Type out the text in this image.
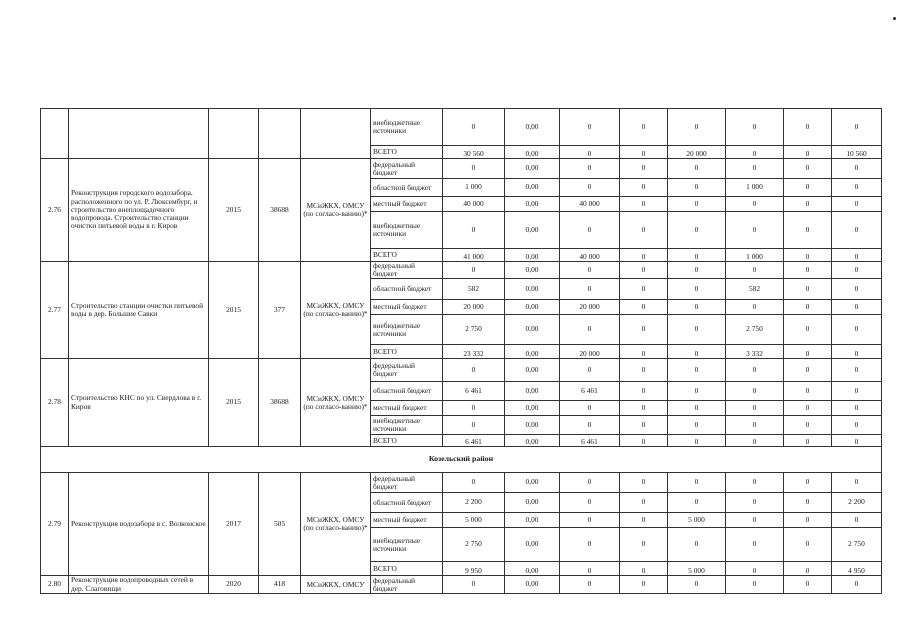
					внебюджетные источники	0	0,00	0	0	0	0	0	0
					ВСЕГО	30 560	0,00	0	0	20 000	0	0	10 560
2.76	Реконструкция городского водозабора, расположенного по ул. Р. Люксембург, и строительство внеплощадочного водопровода. Строительство станции очистки питьевой воды в г. Киров	2015	38688	МСиЖКХ, ОМСУ (по согласо-ванию)*	федеральный бюджет	0	0,00	0	0	0	0	0	0
					областной бюджет	1 000	0,00	0	0	0	1 000	0	0
					местный бюджет	40 000	0,00	40 000	0	0	0	0	0
					внебюджетные источники	0	0,00	0	0	0	0	0	0
					ВСЕГО	41 000	0,00	40 000	0	0	1 000	0	0
2.77	Строительство станции очистки питьевой воды в дер. Большие Савки	2015	377	МСиЖКХ, ОМСУ (по согласо-ванию)*	федеральный бюджет	0	0,00	0	0	0	0	0	0
					областной бюджет	582	0,00	0	0	0	582	0	0
					местный бюджет	20 000	0,00	20 000	0	0	0	0	0
					внебюджетные источники	2 750	0,00	0	0	0	2 750	0	0
					ВСЕГО	23 332	0,00	20 000	0	0	3 332	0	0
2.78	Строительство КНС по ул. Свердлова в г. Киров	2015	38688	МСиЖКХ, ОМСУ (по согласо-ванию)*	федеральный бюджет	0	0,00	0	0	0	0	0	0
					областной бюджет	6 461	0,00	6 461	0	0	0	0	0
					местный бюджет	0	0,00	0	0	0	0	0	0
					внебюджетные источники	0	0,00	0	0	0	0	0	0
					ВСЕГО	6 461	0,00	6 461	0	0	0	0	0
Козельский район													
2.79	Реконструкция водозабора в с. Волконское	2017	505	МСиЖКХ, ОМСУ (по согласо-ванию)*	федеральный бюджет	0	0,00	0	0	0	0	0	0
					областной бюджет	2 200	0,00	0	0	0	0	0	2 200
					местный бюджет	5 000	0,00	0	0	5 000	0	0	0
					внебюджетные источники	2 750	0,00	0	0	0	0	0	2 750
					ВСЕГО	9 950	0,00	0	0	5 000	0	0	4 950
2.80	Реконструкция водопроводных сетей в дер. Слаговищи	2020	418	МСиЖКХ, ОМСУ	федеральный бюджет	0	0,00	0	0	0	0	0	0
